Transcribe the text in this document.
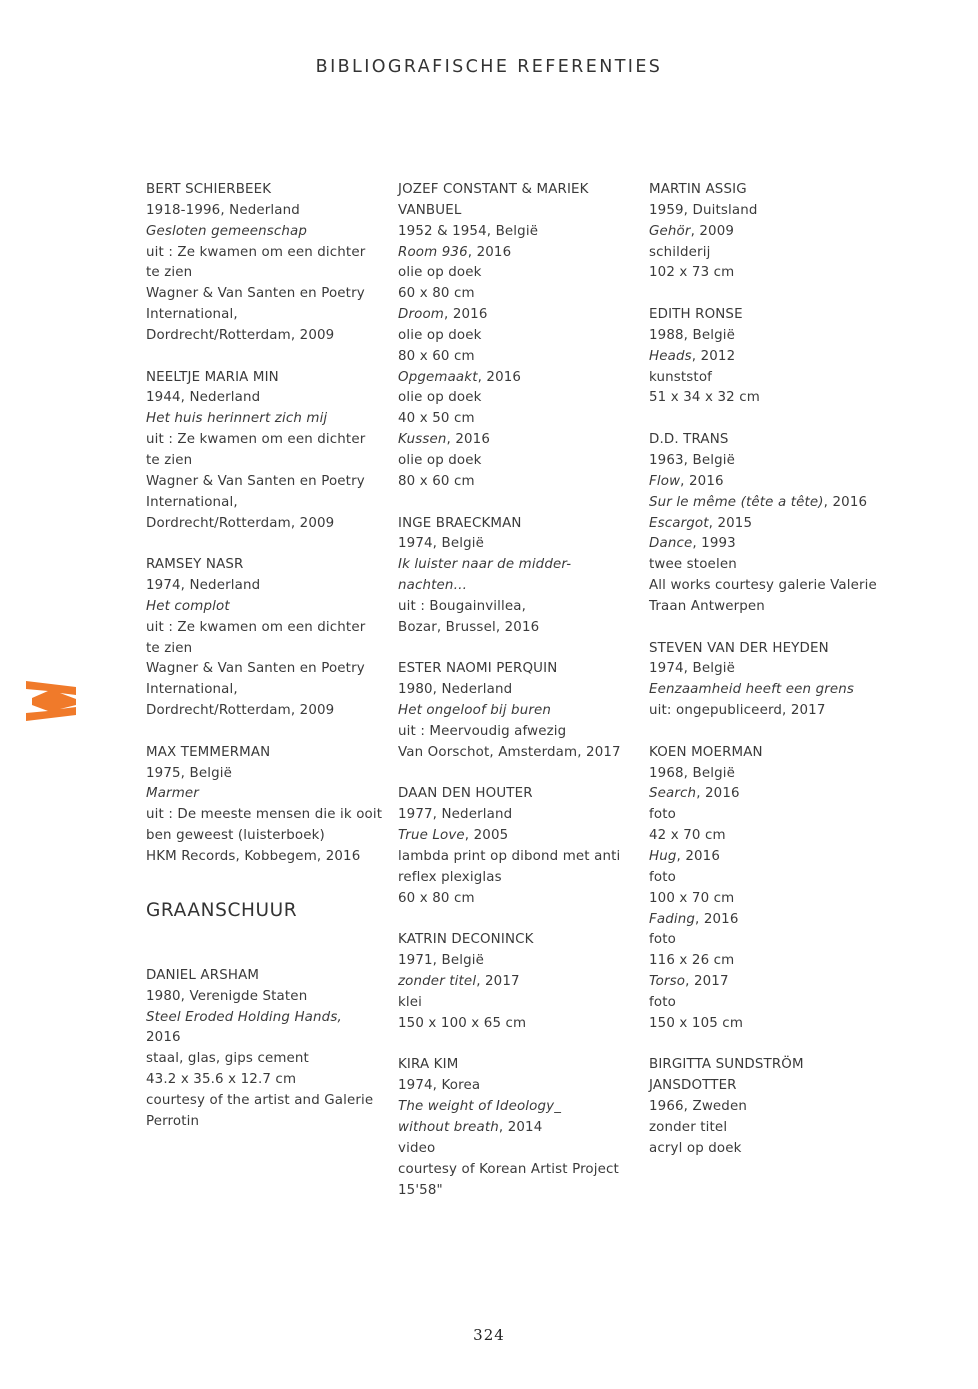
BIBLIOGRAFISCHE REFERENTIES
BERT SCHIERBEEK
1918-1996, Nederland
Gesloten gemeenschap
uit : Ze kwamen om een dichter
te zien
Wagner & Van Santen en Poetry
International,
Dordrecht/Rotterdam, 2009
NEELTJE MARIA MIN
1944, Nederland
Het huis herinnert zich mij
uit : Ze kwamen om een dichter
te zien
Wagner & Van Santen en Poetry
International,
Dordrecht/Rotterdam, 2009
RAMSEY NASR
1974, Nederland
Het complot
uit : Ze kwamen om een dichter
te zien
Wagner & Van Santen en Poetry
International,
Dordrecht/Rotterdam, 2009
MAX TEMMERMAN
1975, België
Marmer
uit : De meeste mensen die ik ooit
ben geweest (luisterboek)
HKM Records, Kobbegem, 2016
GRAANSCHUUR
DANIEL ARSHAM
1980, Verenigde Staten
Steel Eroded Holding Hands,
2016
staal, glas, gips cement
43.2 x 35.6 x 12.7 cm
courtesy of the artist and Galerie
Perrotin
JOZEF CONSTANT & MARIEK
VANBUEL
1952 & 1954, België
Room 936, 2016
olie op doek
60 x 80 cm
Droom, 2016
olie op doek
80 x 60 cm
Opgemaakt, 2016
olie op doek
40 x 50 cm
Kussen, 2016
olie op doek
80 x 60 cm
INGE BRAECKMAN
1974, België
Ik luister naar de midder-
nachten…
uit : Bougainvillea,
Bozar, Brussel, 2016
ESTER NAOMI PERQUIN
1980, Nederland
Het ongeloof bij buren
uit : Meervoudig afwezig
Van Oorschot, Amsterdam, 2017
DAAN DEN HOUTER
1977, Nederland
True Love, 2005
lambda print op dibond met anti
reflex plexiglas
60 x 80 cm
KATRIN DECONINCK
1971, België
zonder titel, 2017
klei
150 x 100 x 65 cm
KIRA KIM
1974, Korea
The weight of Ideology_
without breath, 2014
video
courtesy of Korean Artist Project
15'58"
MARTIN ASSIG
1959, Duitsland
Gehör, 2009
schilderij
102 x 73 cm
EDITH RONSE
1988, België
Heads, 2012
kunststof
51 x 34 x 32 cm
D.D. TRANS
1963, België
Flow, 2016
Sur le même (tête a tête), 2016
Escargot, 2015
Dance, 1993
twee stoelen
All works courtesy galerie Valerie
Traan Antwerpen
STEVEN VAN DER HEYDEN
1974, België
Eenzaamheid heeft een grens
uit: ongepubliceerd, 2017
KOEN MOERMAN
1968, België
Search, 2016
foto
42 x 70 cm
Hug, 2016
foto
100 x 70 cm
Fading, 2016
foto
116 x 26 cm
Torso, 2017
foto
150 x 105 cm
BIRGITTA SUNDSTRÖM
JANSDOTTER
1966, Zweden
zonder titel
acryl op doek
324
